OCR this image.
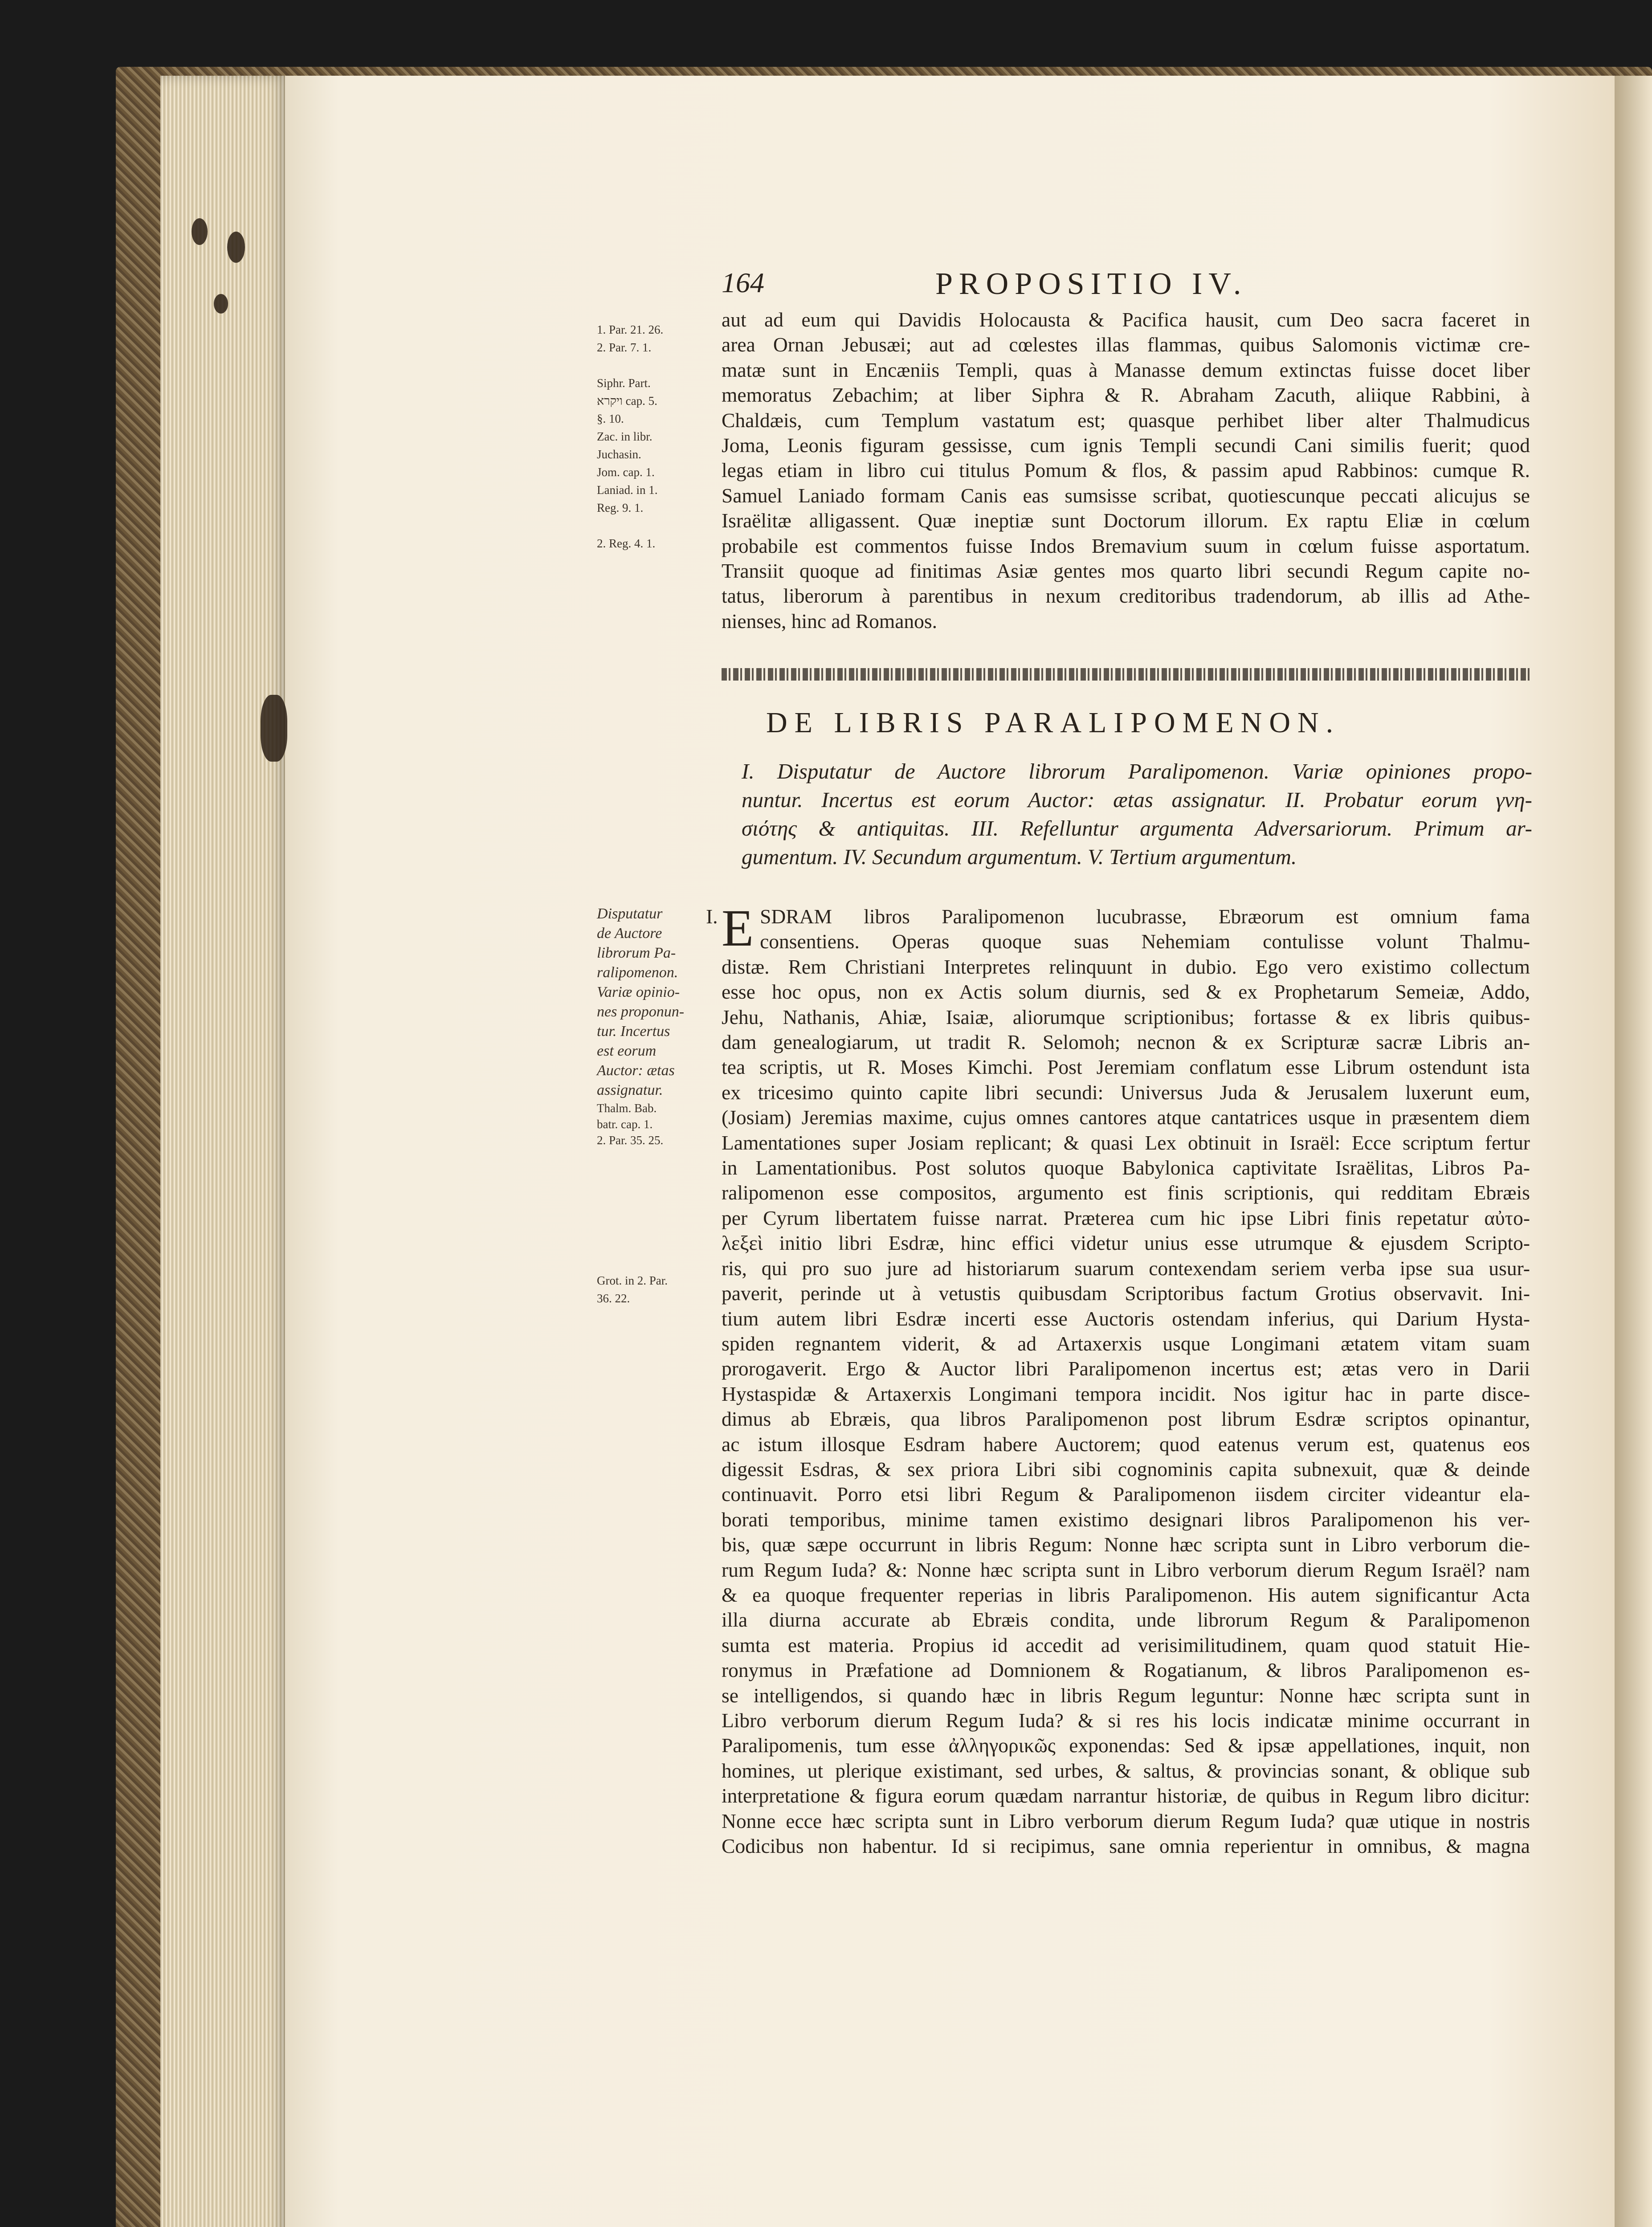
164	PROPOSITIO IV.
1. Par. 21. 26.
2. Par. 7. 1.

Siphr. Part.
ויקרא cap. 5.
§. 10.
Zac. in libr.
Juchasin.
Jom. cap. 1.
Laniad. in 1.
Reg. 9. 1.

2. Reg. 4. 1.
aut ad eum qui Davidis Holocausta & Pacifica hausit, cum Deo sacra faceret in
area Ornan Jebusæi; aut ad cœlestes illas flammas, quibus Salomonis victimæ cre-
matæ sunt in Encæniis Templi, quas à Manasse demum extinctas fuisse docet liber
memoratus Zebachim; at liber Siphra & R. Abraham Zacuth, aliique Rabbini, à
Chaldæis, cum Templum vastatum est; quasque perhibet liber alter Thalmudicus
Joma, Leonis figuram gessisse, cum ignis Templi secundi Cani similis fuerit; quod
legas etiam in libro cui titulus Pomum & flos, & passim apud Rabbinos: cumque R.
Samuel Laniado formam Canis eas sumsisse scribat, quotiescunque peccati alicujus se
Israëlitæ alligassent. Quæ ineptiæ sunt Doctorum illorum. Ex raptu Eliæ in cœlum
probabile est commentos fuisse Indos Bremavium suum in cœlum fuisse asportatum.
Transiit quoque ad finitimas Asiæ gentes mos quarto libri secundi Regum capite no-
tatus, liberorum à parentibus in nexum creditoribus tradendorum, ab illis ad Athe-
nienses, hinc ad Romanos.
DE LIBRIS PARALIPOMENON.
I. Disputatur de Auctore librorum Paralipomenon. Variæ opiniones propo-
nuntur. Incertus est eorum Auctor: ætas assignatur. II. Probatur eorum γνη-
σιότης & antiquitas. III. Refelluntur argumenta Adversariorum. Primum ar-
gumentum. IV. Secundum argumentum. V. Tertium argumentum.
Disputatur
de Auctore
librorum Pa-
ralipomenon.
Variæ opinio-
nes proponun-
tur. Incertus
est eorum
Auctor: ætas
assignatur.
Thalm. Bab.
batr. cap. 1.
2. Par. 35. 25.
Grot. in 2. Par.
36. 22.
I. E SDRAM libros Paralipomenon lucubrasse, Ebræorum est omnium fama
consentiens. Operas quoque suas Nehemiam contulisse volunt Thalmu-
distæ. Rem Christiani Interpretes relinquunt in dubio. Ego vero existimo collectum
esse hoc opus, non ex Actis solum diurnis, sed & ex Prophetarum Semeiæ, Addo,
Jehu, Nathanis, Ahiæ, Isaiæ, aliorumque scriptionibus; fortasse & ex libris quibus-
dam genealogiarum, ut tradit R. Selomoh; necnon & ex Scripturæ sacræ Libris an-
tea scriptis, ut R. Moses Kimchi. Post Jeremiam conflatum esse Librum ostendunt ista
ex tricesimo quinto capite libri secundi: Universus Juda & Jerusalem luxerunt eum,
(Josiam) Jeremias maxime, cujus omnes cantores atque cantatrices usque in præsentem diem
Lamentationes super Josiam replicant; & quasi Lex obtinuit in Israël: Ecce scriptum fertur
in Lamentationibus. Post solutos quoque Babylonica captivitate Israëlitas, Libros Pa-
ralipomenon esse compositos, argumento est finis scriptionis, qui redditam Ebræis
per Cyrum libertatem fuisse narrat. Præterea cum hic ipse Libri finis repetatur αὐτο-
λεξεὶ initio libri Esdræ, hinc effici videtur unius esse utrumque & ejusdem Scripto-
ris, qui pro suo jure ad historiarum suarum contexendam seriem verba ipse sua usur-
paverit, perinde ut à vetustis quibusdam Scriptoribus factum Grotius observavit. Ini-
tium autem libri Esdræ incerti esse Auctoris ostendam inferius, qui Darium Hysta-
spiden regnantem viderit, & ad Artaxerxis usque Longimani ætatem vitam suam
prorogaverit. Ergo & Auctor libri Paralipomenon incertus est; ætas vero in Darii
Hystaspidæ & Artaxerxis Longimani tempora incidit. Nos igitur hac in parte disce-
dimus ab Ebræis, qua libros Paralipomenon post librum Esdræ scriptos opinantur,
ac istum illosque Esdram habere Auctorem; quod eatenus verum est, quatenus eos
digessit Esdras, & sex priora Libri sibi cognominis capita subnexuit, quæ & deinde
continuavit. Porro etsi libri Regum & Paralipomenon iisdem circiter videantur ela-
borati temporibus, minime tamen existimo designari libros Paralipomenon his ver-
bis, quæ sæpe occurrunt in libris Regum: Nonne hæc scripta sunt in Libro verborum die-
rum Regum Iuda? &: Nonne hæc scripta sunt in Libro verborum dierum Regum Israël? nam
& ea quoque frequenter reperias in libris Paralipomenon. His autem significantur Acta
illa diurna accurate ab Ebræis condita, unde librorum Regum & Paralipomenon
sumta est materia. Propius id accedit ad verisimilitudinem, quam quod statuit Hie-
ronymus in Præfatione ad Domnionem & Rogatianum, & libros Paralipomenon es-
se intelligendos, si quando hæc in libris Regum leguntur: Nonne hæc scripta sunt in
Libro verborum dierum Regum Iuda? & si res his locis indicatæ minime occurrant in
Paralipomenis, tum esse ἀλληγορικῶς exponendas: Sed & ipsæ appellationes, inquit, non
homines, ut plerique existimant, sed urbes, & saltus, & provincias sonant, & oblique sub
interpretatione & figura eorum quædam narrantur historiæ, de quibus in Regum libro dicitur:
Nonne ecce hæc scripta sunt in Libro verborum dierum Regum Iuda? quæ utique in nostris
Codicibus non habentur. Id si recipimus, sane omnia reperientur in omnibus, & magna
